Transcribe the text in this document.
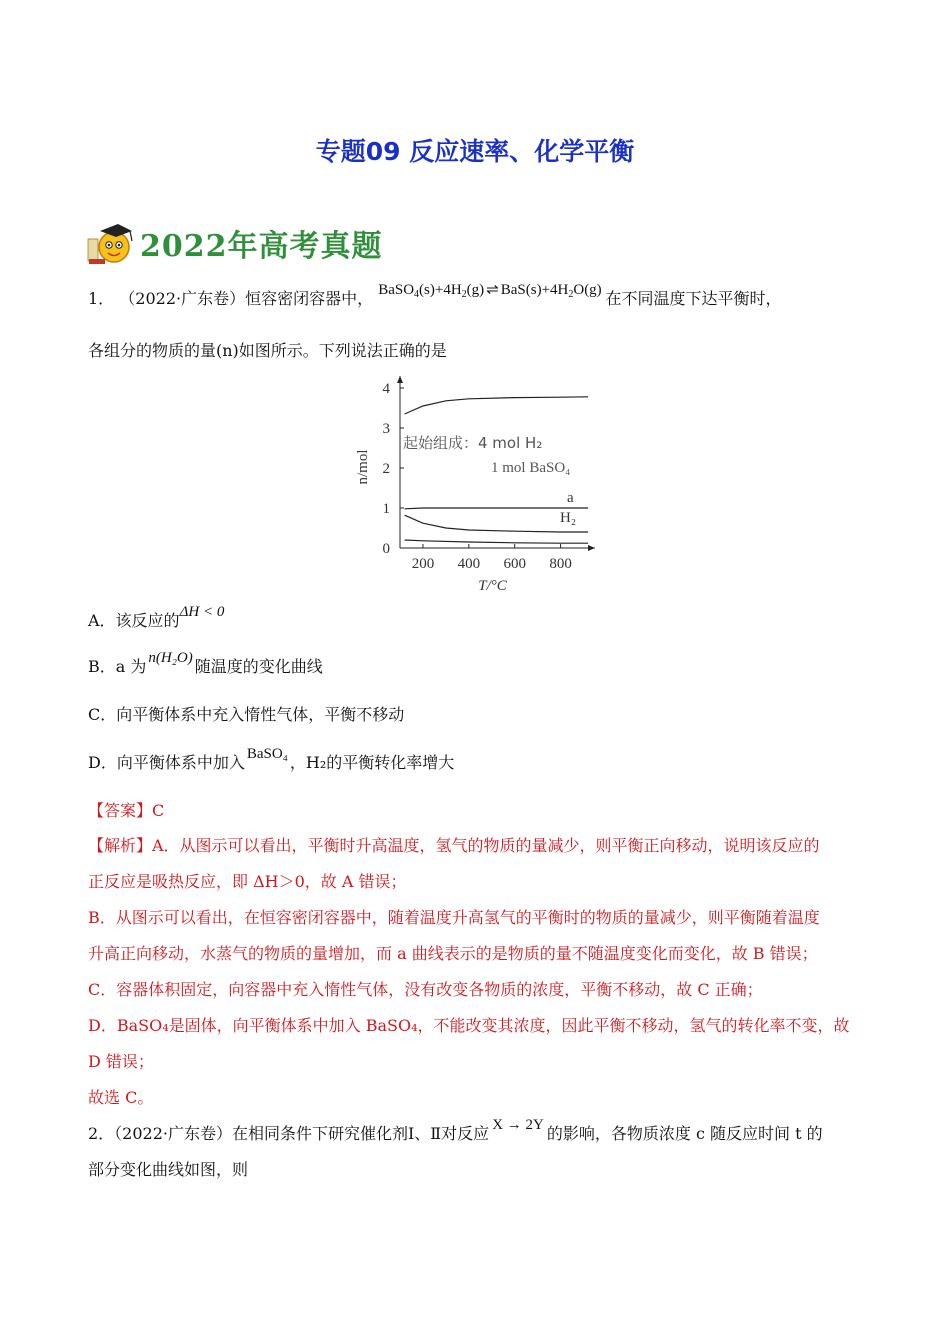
专题09 反应速率、化学平衡
2022年高考真题
1． （2022·广东卷）恒容密闭容器中， $BaSO_4(s)+4H_2(g)$ ⇌ $BaS(s)+4H_2O(g)$ 在不同温度下达平衡时，
各组分的物质的量(n)如图所示。下列说法正确的是
200 400 600 800
0
1
2
3
4
T/°C
n/mol
a
H₂
起始组成：4 mol H₂
1 mol BaSO₄
A．该反应的ΔH < 0
B．a 为 n(H₂O) 随温度的变化曲线
C．向平衡体系中充入惰性气体，平衡不移动
D．向平衡体系中加入 BaSO₄ ，H₂的平衡转化率增大
【答案】C
【解析】A．从图示可以看出，平衡时升高温度，氢气的物质的量减少，则平衡正向移动，说明该反应的
正反应是吸热反应，即 ΔH＞0，故 A 错误；
B．从图示可以看出，在恒容密闭容器中，随着温度升高氢气的平衡时的物质的量减少，则平衡随着温度
升高正向移动，水蒸气的物质的量增加，而 a 曲线表示的是物质的量不随温度变化而变化，故 B 错误；
C．容器体积固定，向容器中充入惰性气体，没有改变各物质的浓度，平衡不移动，故 C 正确；
D．BaSO₄是固体，向平衡体系中加入 BaSO₄，不能改变其浓度，因此平衡不移动，氢气的转化率不变，故
D 错误；
故选 C。
2．（2022·广东卷）在相同条件下研究催化剂Ⅰ、Ⅱ对反应 X → 2Y 的影响，各物质浓度 c 随反应时间 t 的
部分变化曲线如图，则
